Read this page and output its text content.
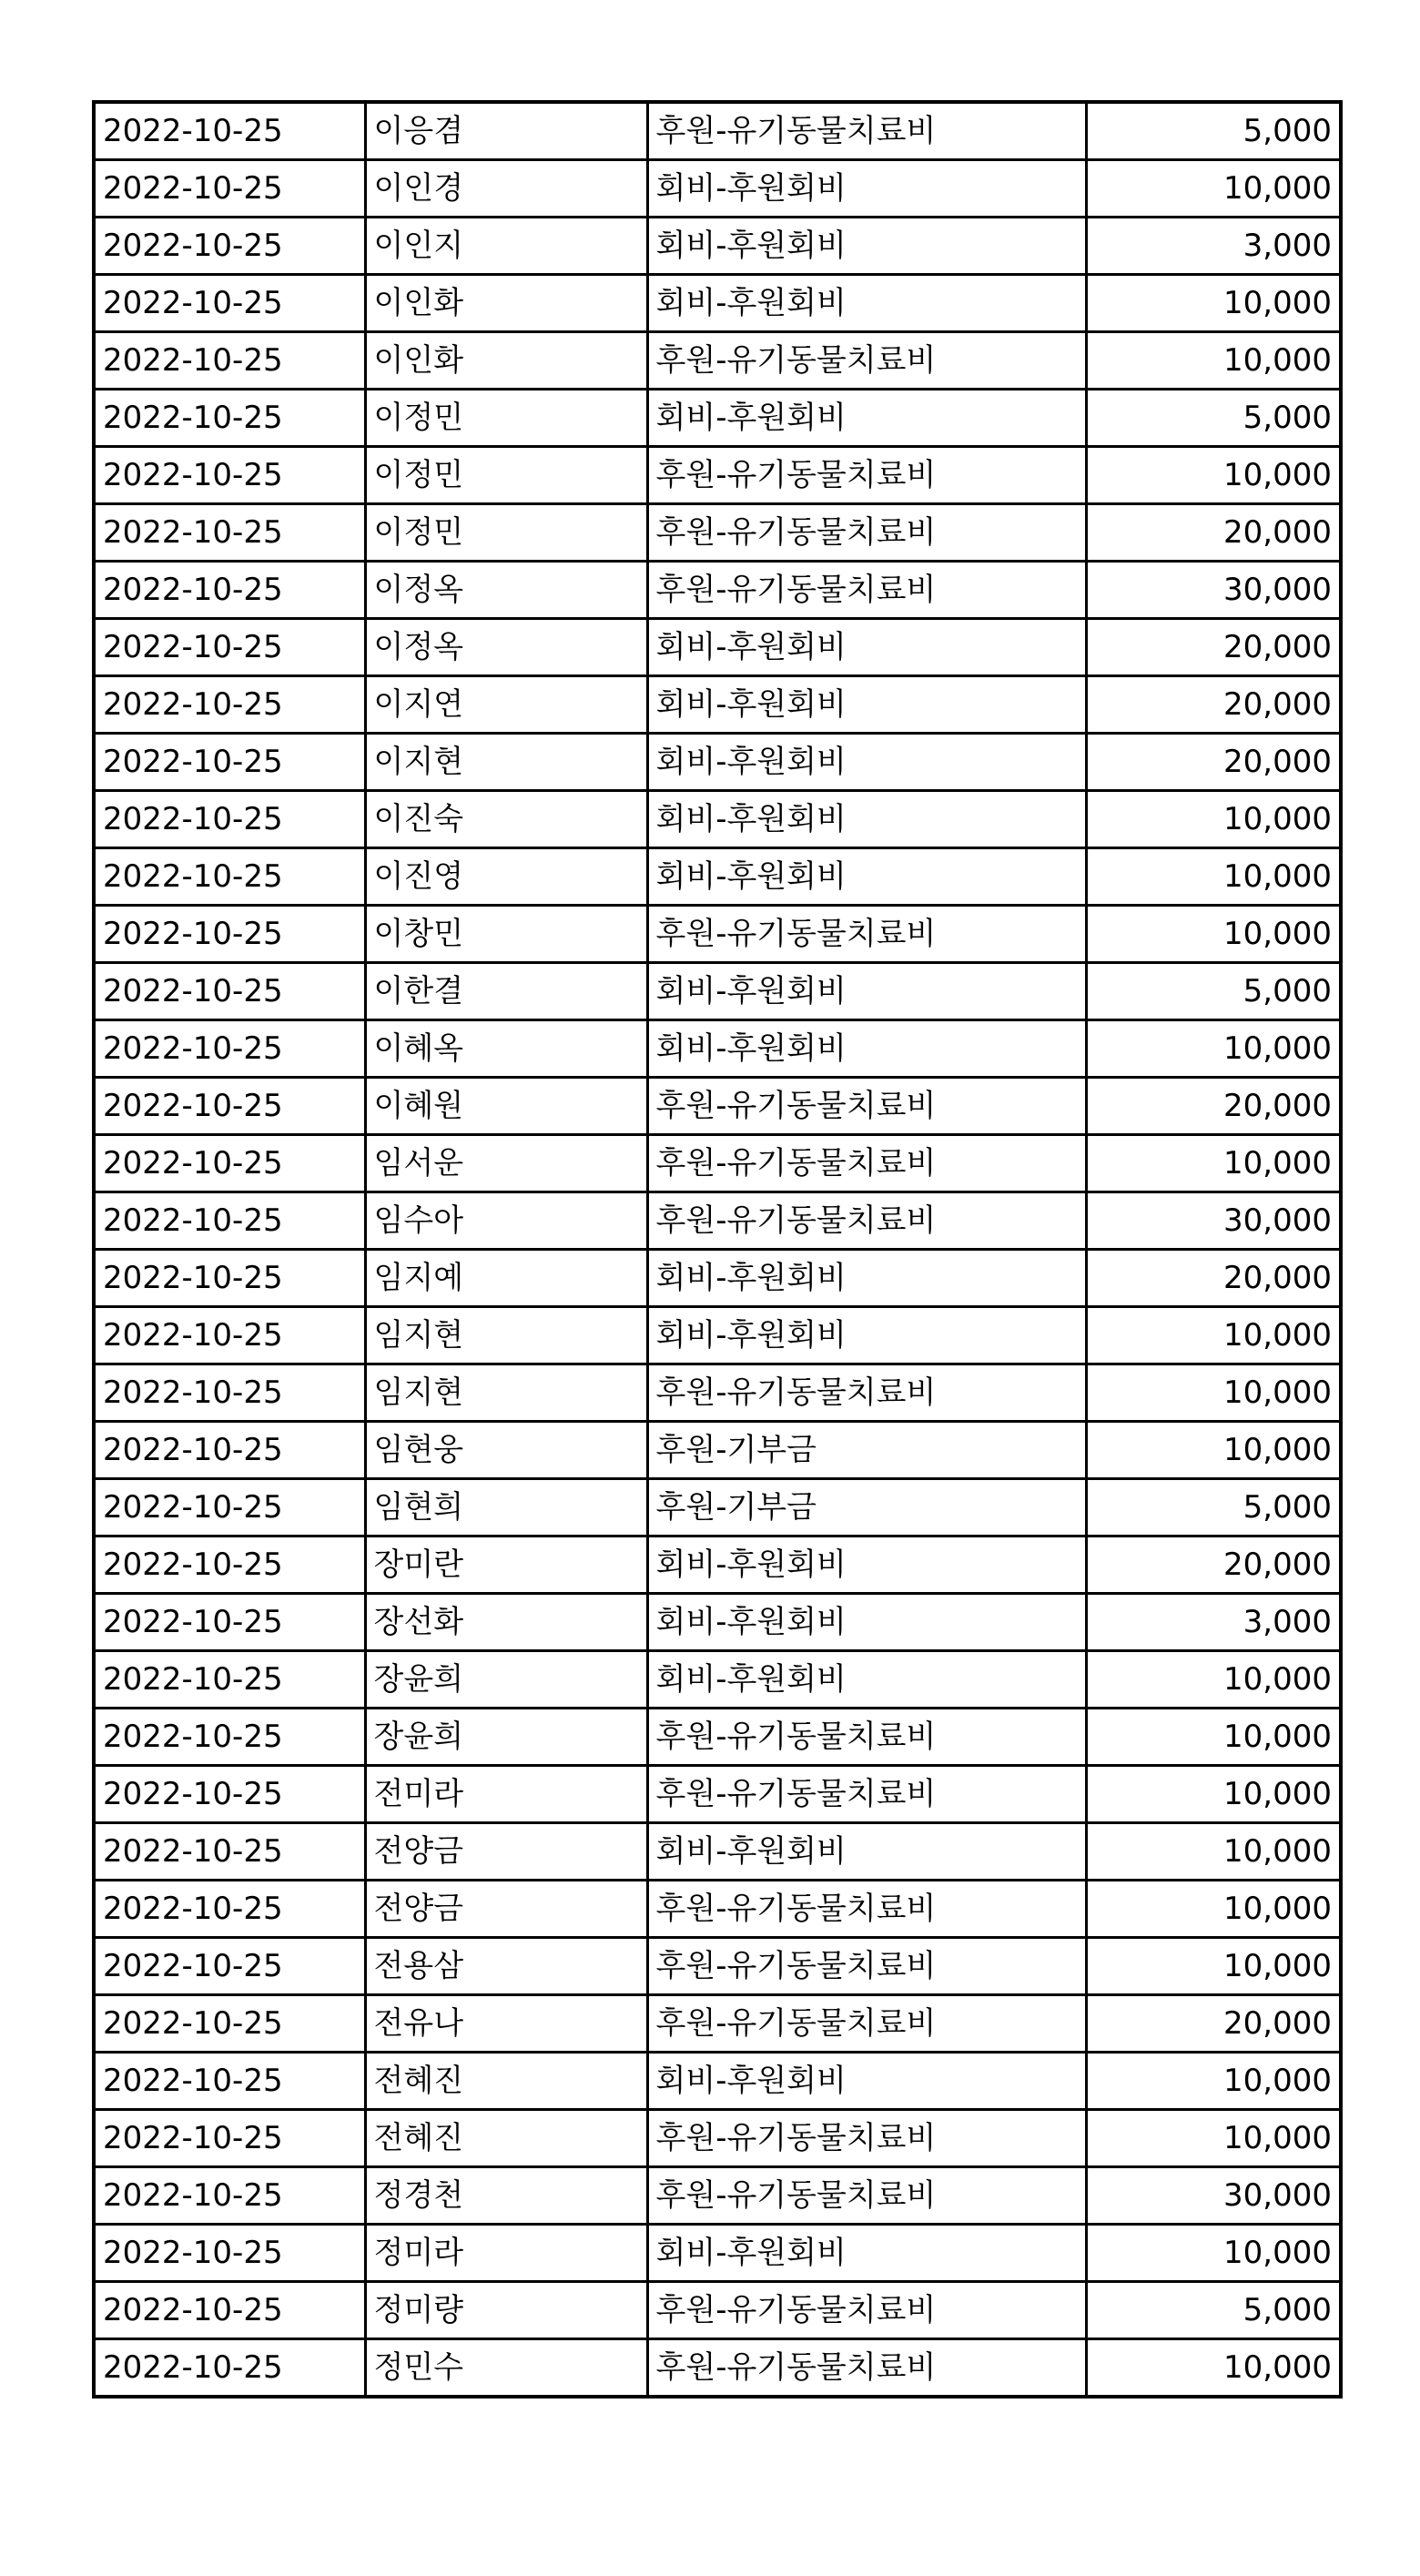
2022-10-25	이응겸	후원-유기동물치료비	5,000
2022-10-25	이인경	회비-후원회비	10,000
2022-10-25	이인지	회비-후원회비	3,000
2022-10-25	이인화	회비-후원회비	10,000
2022-10-25	이인화	후원-유기동물치료비	10,000
2022-10-25	이정민	회비-후원회비	5,000
2022-10-25	이정민	후원-유기동물치료비	10,000
2022-10-25	이정민	후원-유기동물치료비	20,000
2022-10-25	이정옥	후원-유기동물치료비	30,000
2022-10-25	이정옥	회비-후원회비	20,000
2022-10-25	이지연	회비-후원회비	20,000
2022-10-25	이지현	회비-후원회비	20,000
2022-10-25	이진숙	회비-후원회비	10,000
2022-10-25	이진영	회비-후원회비	10,000
2022-10-25	이창민	후원-유기동물치료비	10,000
2022-10-25	이한결	회비-후원회비	5,000
2022-10-25	이혜옥	회비-후원회비	10,000
2022-10-25	이혜원	후원-유기동물치료비	20,000
2022-10-25	임서운	후원-유기동물치료비	10,000
2022-10-25	임수아	후원-유기동물치료비	30,000
2022-10-25	임지예	회비-후원회비	20,000
2022-10-25	임지현	회비-후원회비	10,000
2022-10-25	임지현	후원-유기동물치료비	10,000
2022-10-25	임현웅	후원-기부금	10,000
2022-10-25	임현희	후원-기부금	5,000
2022-10-25	장미란	회비-후원회비	20,000
2022-10-25	장선화	회비-후원회비	3,000
2022-10-25	장윤희	회비-후원회비	10,000
2022-10-25	장윤희	후원-유기동물치료비	10,000
2022-10-25	전미라	후원-유기동물치료비	10,000
2022-10-25	전양금	회비-후원회비	10,000
2022-10-25	전양금	후원-유기동물치료비	10,000
2022-10-25	전용삼	후원-유기동물치료비	10,000
2022-10-25	전유나	후원-유기동물치료비	20,000
2022-10-25	전혜진	회비-후원회비	10,000
2022-10-25	전혜진	후원-유기동물치료비	10,000
2022-10-25	정경천	후원-유기동물치료비	30,000
2022-10-25	정미라	회비-후원회비	10,000
2022-10-25	정미량	후원-유기동물치료비	5,000
2022-10-25	정민수	후원-유기동물치료비	10,000
